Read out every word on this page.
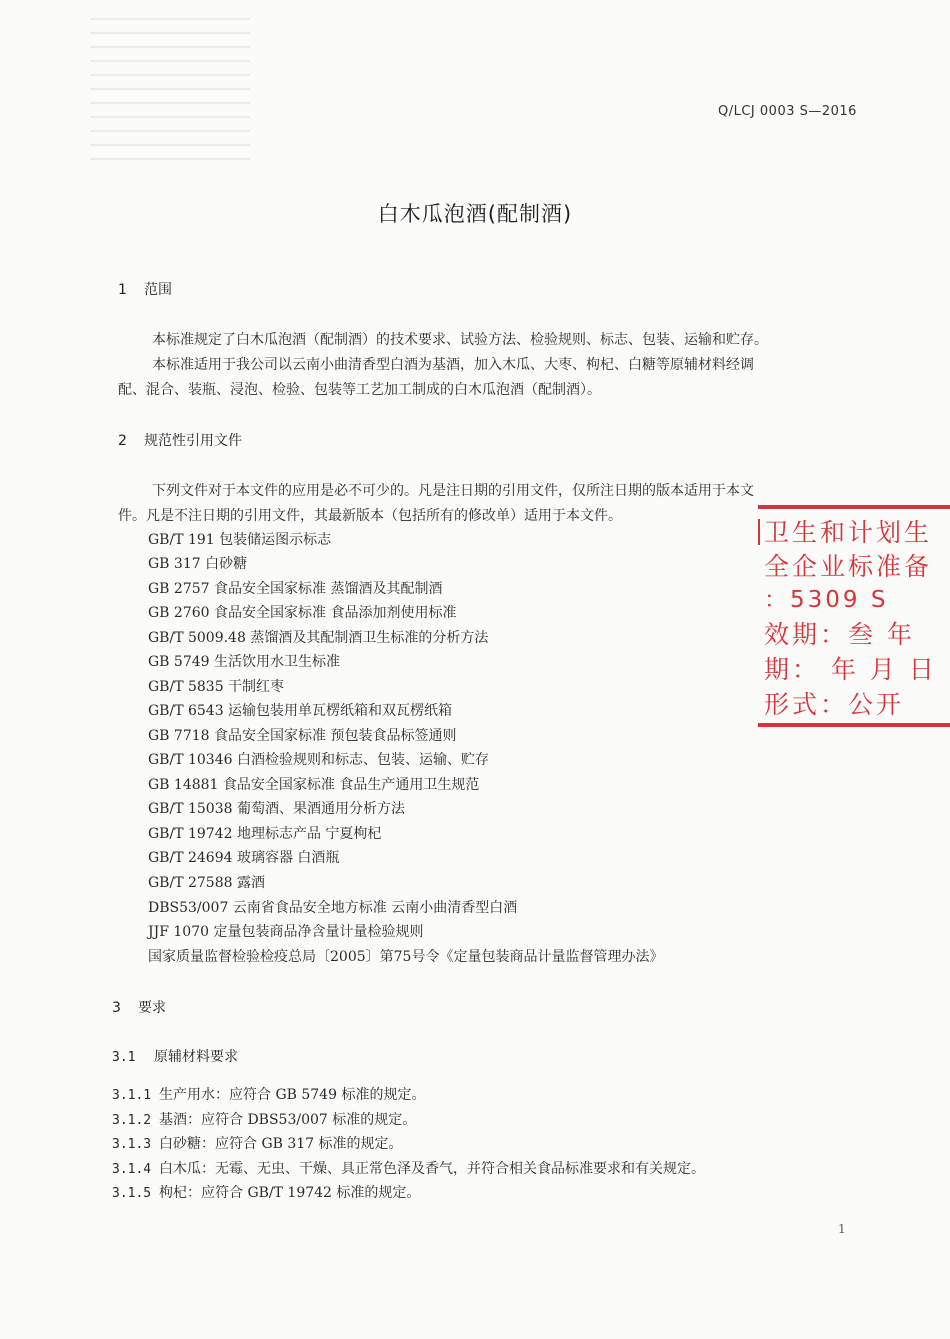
Q/LCJ 0003 S—2016
白木瓜泡酒(配制酒)
1 范围
本标准规定了白木瓜泡酒（配制酒）的技术要求、试验方法、检验规则、标志、包装、运输和贮存。
本标准适用于我公司以云南小曲清香型白酒为基酒，加入木瓜、大枣、枸杞、白糖等原辅材料经调
配、混合、装瓶、浸泡、检验、包装等工艺加工制成的白木瓜泡酒（配制酒）。
2 规范性引用文件
下列文件对于本文件的应用是必不可少的。凡是注日期的引用文件，仅所注日期的版本适用于本文
件。凡是不注日期的引用文件，其最新版本（包括所有的修改单）适用于本文件。
GB/T 191 包装储运图示标志
GB 317 白砂糖
GB 2757 食品安全国家标准 蒸馏酒及其配制酒
GB 2760 食品安全国家标准 食品添加剂使用标准
GB/T 5009.48 蒸馏酒及其配制酒卫生标准的分析方法
GB 5749 生活饮用水卫生标准
GB/T 5835 干制红枣
GB/T 6543 运输包装用单瓦楞纸箱和双瓦楞纸箱
GB 7718 食品安全国家标准 预包装食品标签通则
GB/T 10346 白酒检验规则和标志、包装、运输、贮存
GB 14881 食品安全国家标准 食品生产通用卫生规范
GB/T 15038 葡萄酒、果酒通用分析方法
GB/T 19742 地理标志产品 宁夏枸杞
GB/T 24694 玻璃容器 白酒瓶
GB/T 27588 露酒
DBS53/007 云南省食品安全地方标准 云南小曲清香型白酒
JJF 1070 定量包装商品净含量计量检验规则
国家质量监督检验检疫总局〔2005〕第75号令《定量包装商品计量监督管理办法》
3 要求
3.1 原辅材料要求
3.1.1 生产用水：应符合 GB 5749 标准的规定。
3.1.2 基酒：应符合 DBS53/007 标准的规定。
3.1.3 白砂糖：应符合 GB 317 标准的规定。
3.1.4 白木瓜：无霉、无虫、干燥、具正常色泽及香气，并符合相关食品标准要求和有关规定。
3.1.5 枸杞：应符合 GB/T 19742 标准的规定。
卫生和计划生
全企业标准备
：5309 S
效期：叁 年
期： 年 月 日
形式：公开
1
